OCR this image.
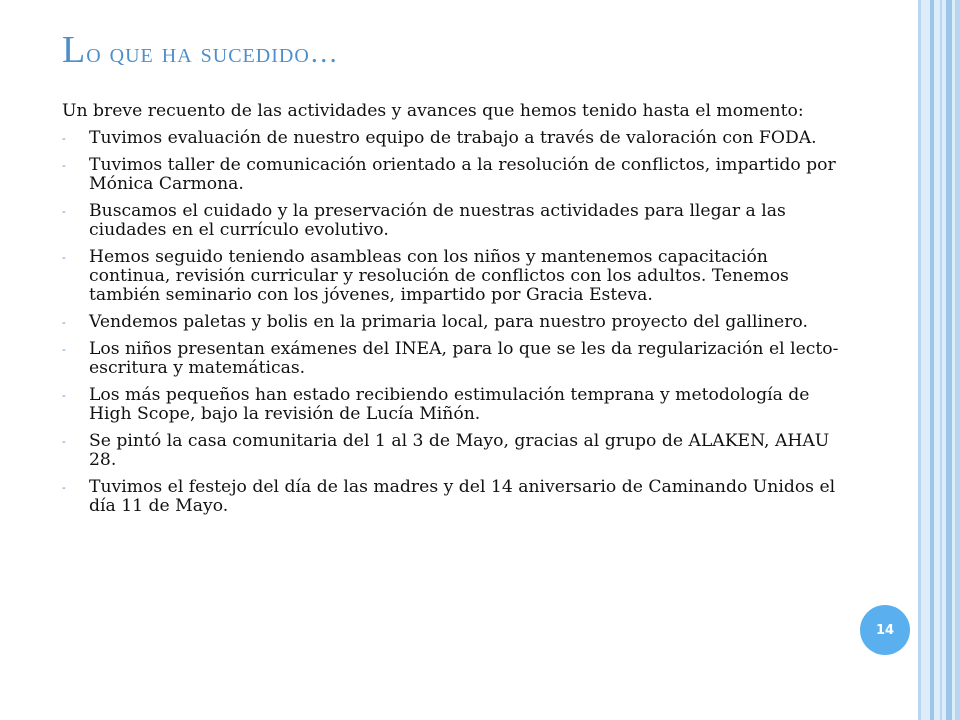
Lo que ha sucedido…

Un breve recuento de las actividades y avances que hemos tenido hasta el momento:

- Tuvimos evaluación de nuestro equipo de trabajo a través de valoración con FODA.
- Tuvimos taller de comunicación orientado a la resolución de conflictos, impartido por Mónica Carmona.
- Buscamos el cuidado y la preservación de nuestras actividades para llegar a las ciudades en el currículo evolutivo.
- Hemos seguido teniendo asambleas con los niños y mantenemos capacitación continua, revisión curricular y resolución de conflictos con los adultos. Tenemos también seminario con los jóvenes, impartido por Gracia Esteva.
- Vendemos paletas y bolis en la primaria local, para nuestro proyecto del gallinero.
- Los niños presentan exámenes del INEA, para lo que se les da regularización el lecto-escritura y matemáticas.
- Los más pequeños han estado recibiendo estimulación temprana y metodología de High Scope, bajo la revisión de Lucía Miñón.
- Se pintó la casa comunitaria del 1 al 3 de Mayo, gracias al grupo de ALAKEN, AHAU 28.
- Tuvimos el festejo del día de las madres y del 14 aniversario de Caminando Unidos el día 11 de Mayo.
14
